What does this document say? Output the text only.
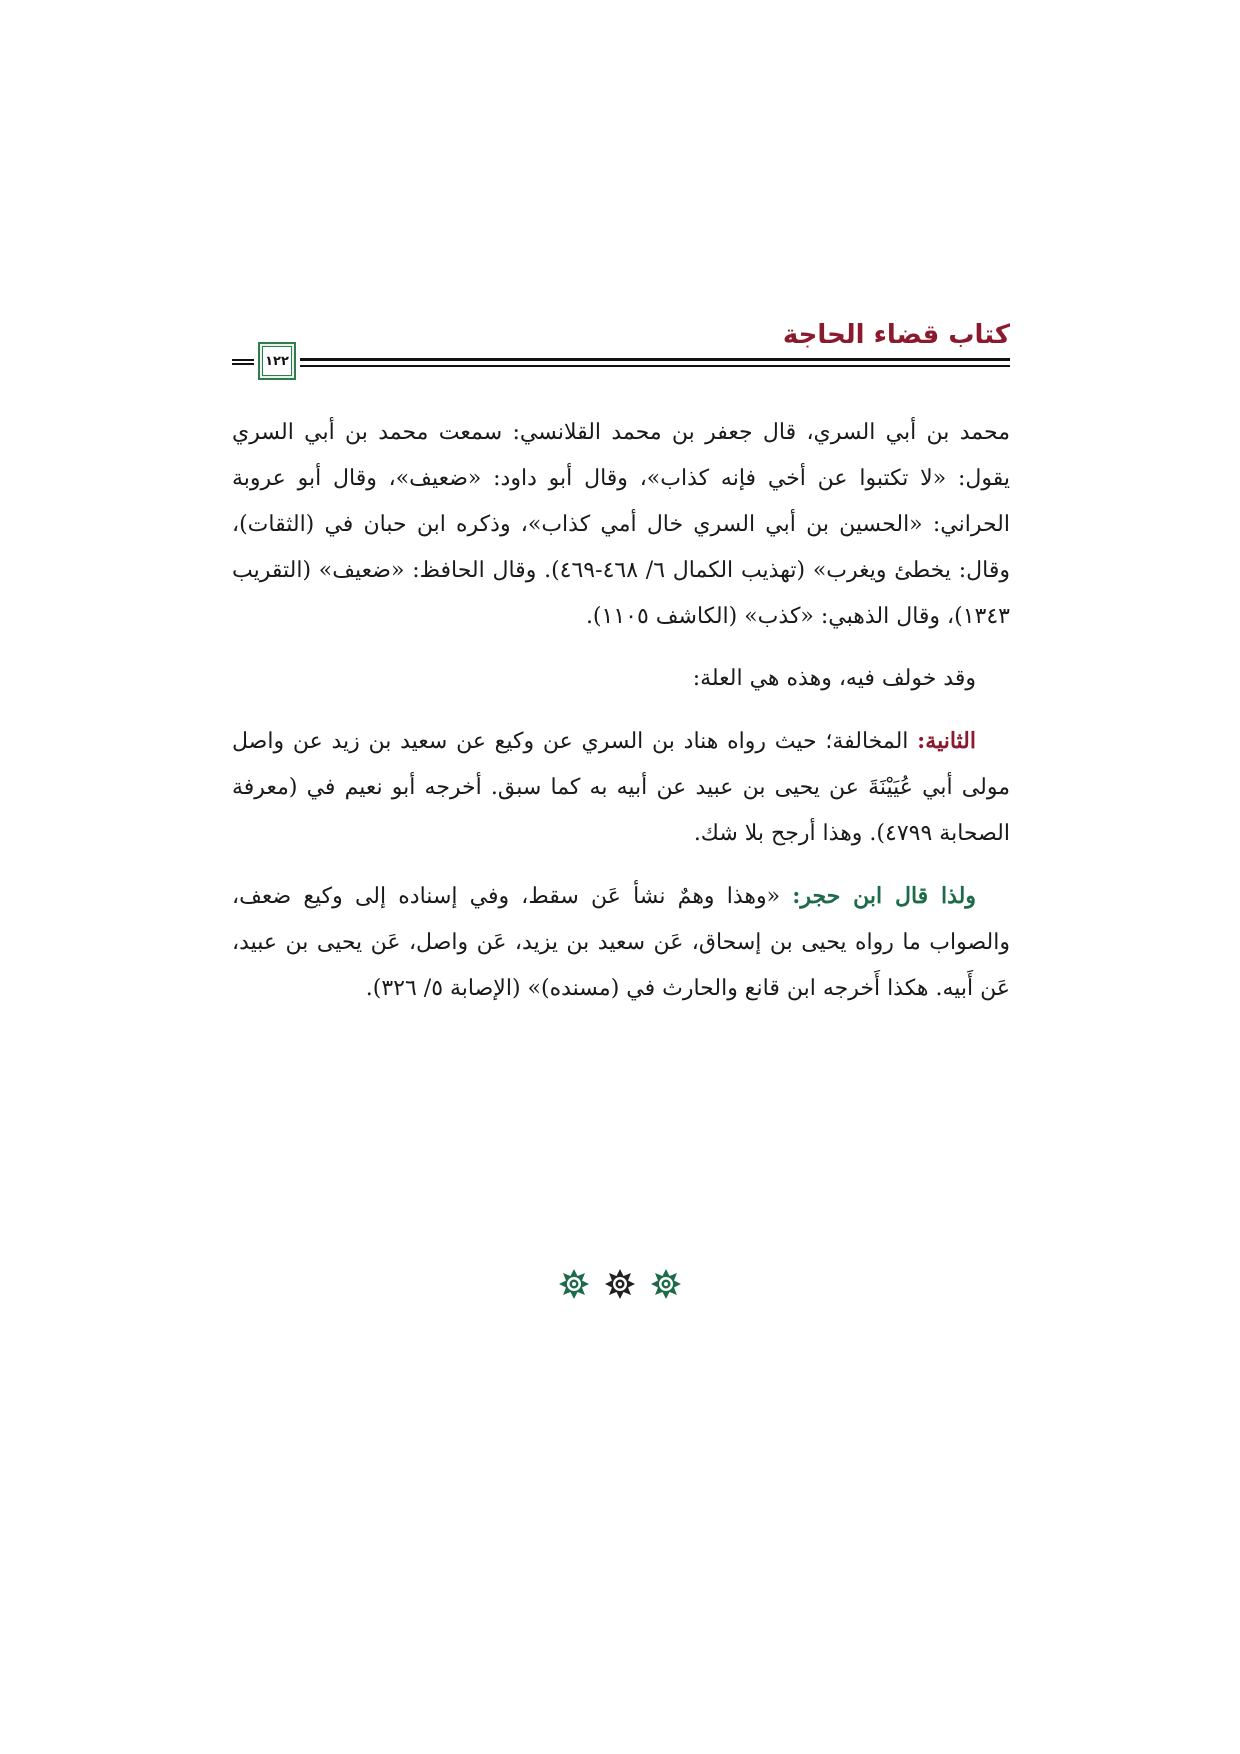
كتاب قضاء الحاجة
١٢٢

محمد بن أبي السري، قال جعفر بن محمد القلانسي: سمعت محمد بن أبي السري يقول: «لا تكتبوا عن أخي فإنه كذاب»، وقال أبو داود: «ضعيف»، وقال أبو عروبة الحراني: «الحسين بن أبي السري خال أمي كذاب»، وذكره ابن حبان في (الثقات)، وقال: يخطئ ويغرب» (تهذيب الكمال ٦/ ٤٦٨-٤٦٩). وقال الحافظ: «ضعيف» (التقريب ١٣٤٣)، وقال الذهبي: «كذب» (الكاشف ١١٠٥).

وقد خولف فيه، وهذه هي العلة:

الثانية: المخالفة؛ حيث رواه هناد بن السري عن وكيع عن سعيد بن زيد عن واصل مولى أبي عُيَيْنَةَ عن يحيى بن عبيد عن أبيه به كما سبق. أخرجه أبو نعيم في (معرفة الصحابة ٤٧٩٩). وهذا أرجح بلا شك.

ولذا قال ابن حجر: «وهذا وهمٌ نشأ عَن سقط، وفي إسناده إلى وكيع ضعف، والصواب ما رواه يحيى بن إسحاق، عَن سعيد بن يزيد، عَن واصل، عَن يحيى بن عبيد، عَن أَبيه. هكذا أَخرجه ابن قانع والحارث في (مسنده)» (الإصابة ٥/ ٣٢٦).
